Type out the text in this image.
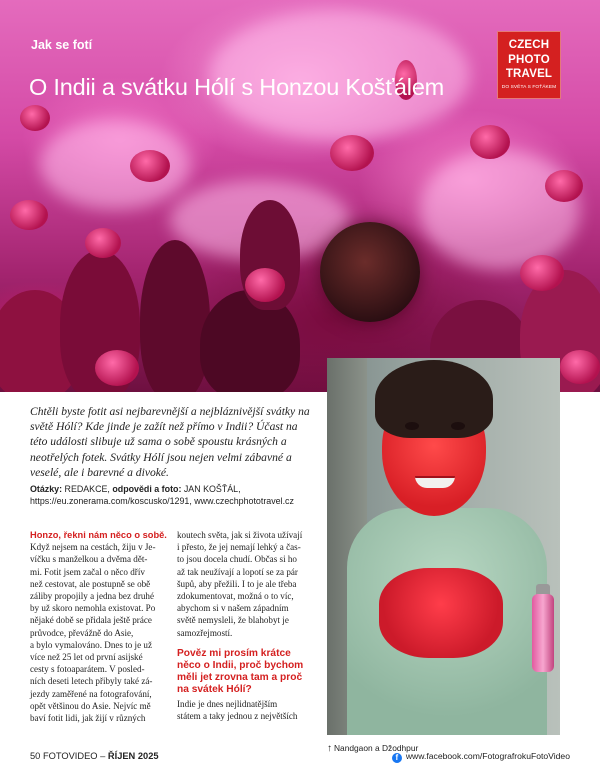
Jak se fotí
O Indii a svátku Hólí s Honzou Košťálem
CZECH
PHOTO
TRAVEL
DO SVĚTA S FOŤÁKEM

Chtěli byste fotit asi nejbarevnější a nejbláznivější svátky na světě Hólí? Kde jinde je zažít než přímo v Indii? Účast na této události slibuje už sama o sobě spoustu krásných a neotřelých fotek. Svátky Hólí jsou nejen velmi zábavné a veselé, ale i barevné a divoké.

Otázky: REDAKCE, odpovědi a foto: JAN KOŠŤÁL,
https://eu.zonerama.com/koscusko/1291, www.czechphototravel.cz
Honzo, řekni nám něco o sobě.
Když nejsem na cestách, žiju v Je-
víčku s manželkou a dvěma dět-
mi. Fotit jsem začal o něco dřív
než cestovat, ale postupně se obě
záliby propojily a jedna bez druhé
by už skoro nemohla existovat. Po
nějaké době se přidala ještě práce
průvodce, převážně do Asie,
a bylo vymalováno. Dnes to je už
více než 25 let od první asijské
cesty s fotoaparátem. V posled-
ních deseti letech přibyly také zá-
jezdy zaměřené na fotografování,
opět většinou do Asie. Nejvíc mě
baví fotit lidi, jak žijí v různých
koutech světa, jak si života užívají
i přesto, že jej nemají lehký a čas-
to jsou docela chudí. Občas si ho
až tak neužívají a lopotí se za pár
šupů, aby přežili. I to je ale třeba
zdokumentovat, možná o to víc,
abychom si v našem západním
světě nemysleli, že blahobyt je
samozřejmostí.
Pověz mi prosím krátce
něco o Indii, proč bychom
měli jet zrovna tam a proč
na svátek Hólí?
Indie je dnes nejlidnatějším
státem a taky jednou z největších
↑ Nandgaon a Džodhpur
50 FOTOVIDEO – ŘÍJEN 2025	f www.facebook.com/FotografrokuFotoVideo
